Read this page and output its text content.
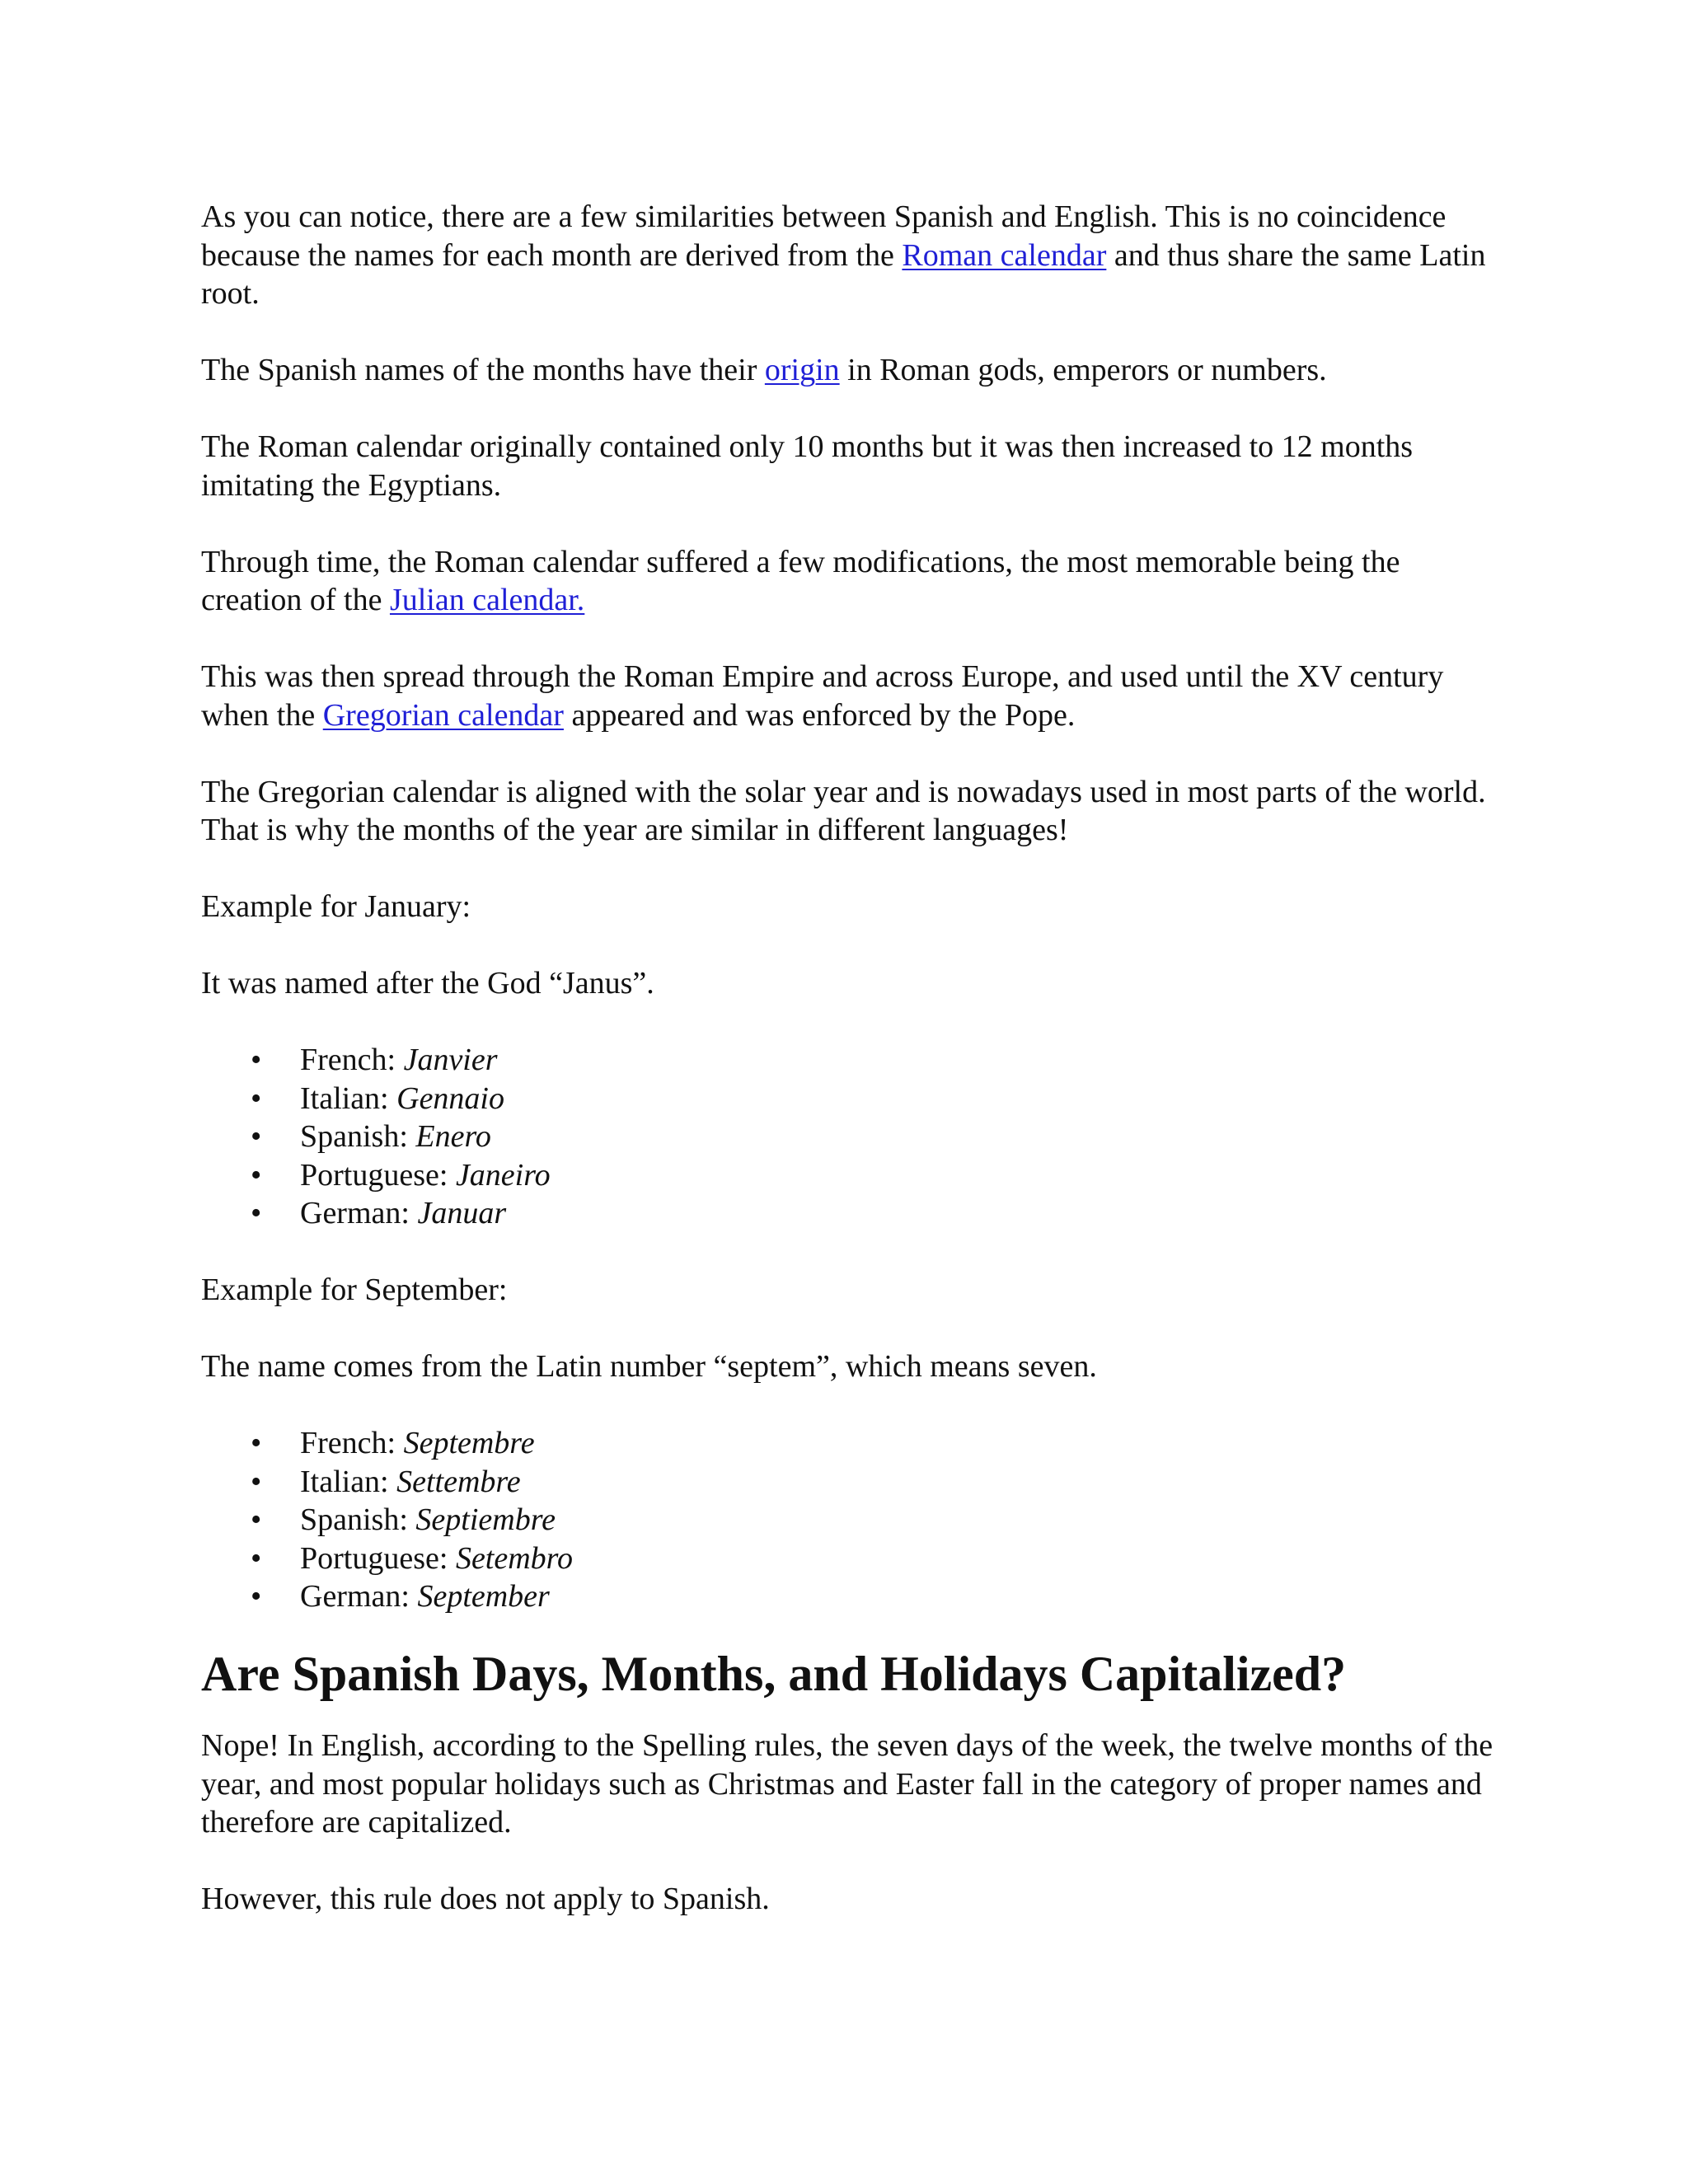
As you can notice, there are a few similarities between Spanish and English. This is no coincidence because the names for each month are derived from the Roman calendar and thus share the same Latin root.

The Spanish names of the months have their origin in Roman gods, emperors or numbers.

The Roman calendar originally contained only 10 months but it was then increased to 12 months imitating the Egyptians.

Through time, the Roman calendar suffered a few modifications, the most memorable being the creation of the Julian calendar.

This was then spread through the Roman Empire and across Europe, and used until the XV century when the Gregorian calendar appeared and was enforced by the Pope.

The Gregorian calendar is aligned with the solar year and is nowadays used in most parts of the world. That is why the months of the year are similar in different languages!

Example for January:

It was named after the God “Janus”.

• French: Janvier
• Italian: Gennaio
• Spanish: Enero
• Portuguese: Janeiro
• German: Januar

Example for September:

The name comes from the Latin number “septem”, which means seven.

• French: Septembre
• Italian: Settembre
• Spanish: Septiembre
• Portuguese: Setembro
• German: September
Are Spanish Days, Months, and Holidays Capitalized?

Nope! In English, according to the Spelling rules, the seven days of the week, the twelve months of the year, and most popular holidays such as Christmas and Easter fall in the category of proper names and therefore are capitalized.

However, this rule does not apply to Spanish.
